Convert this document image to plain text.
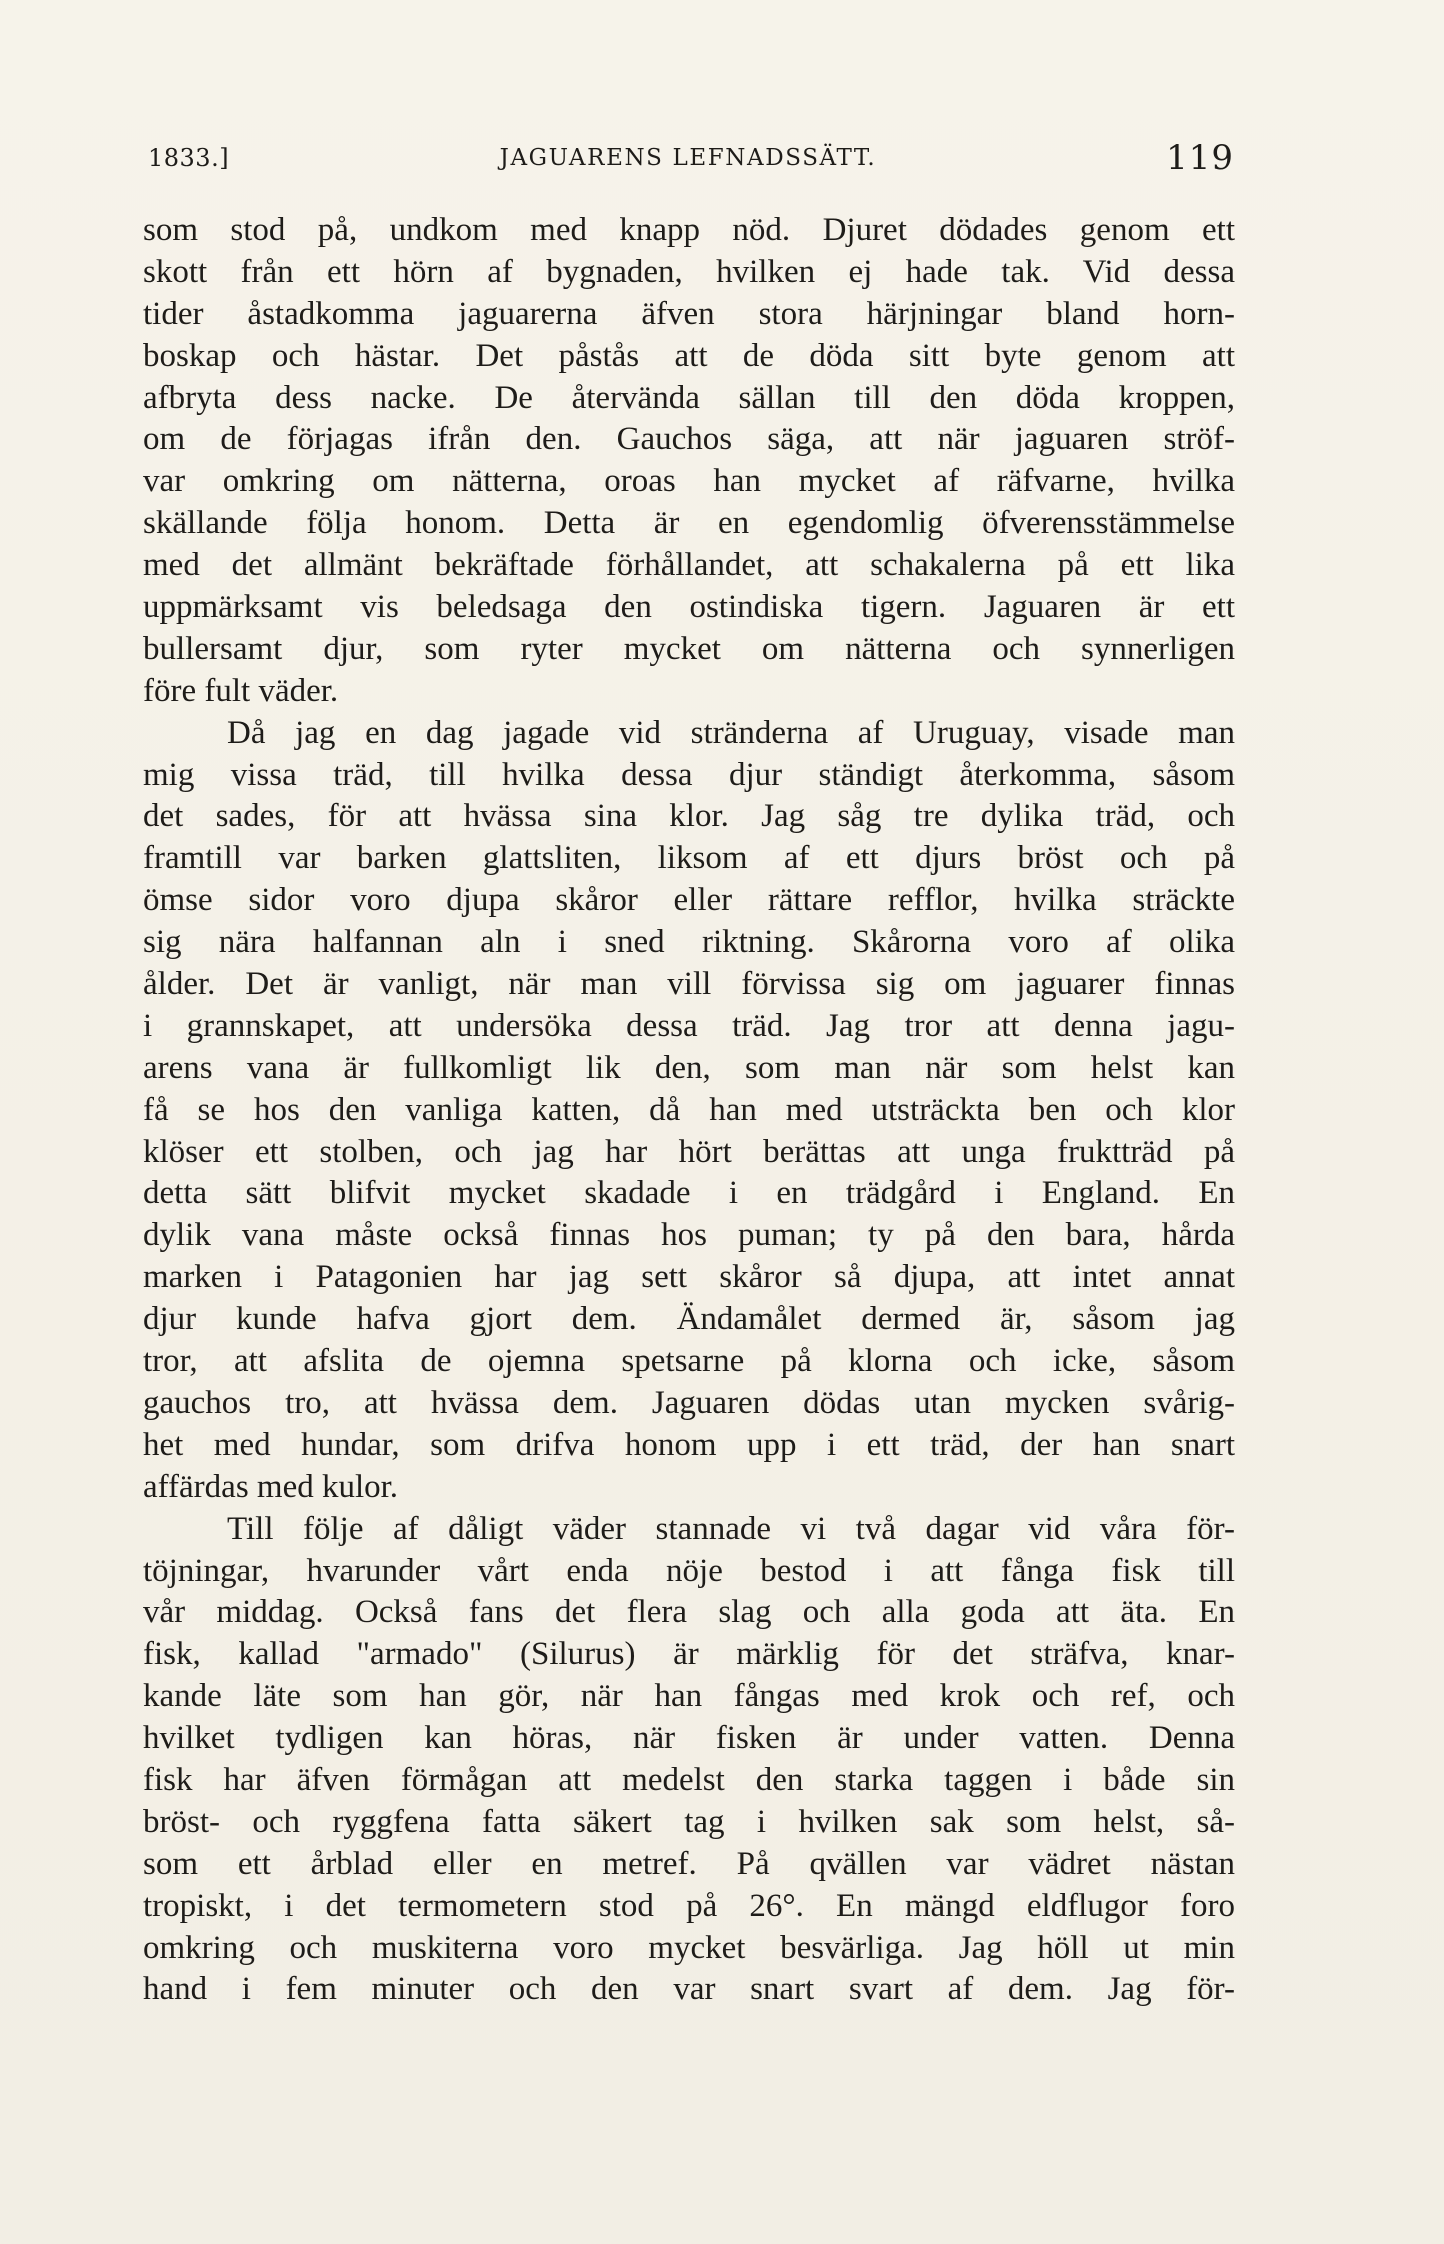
1833.]	JAGUARENS LEFNADSSÄTT.	119
som stod på, undkom med knapp nöd. Djuret dödades genom ett
skott från ett hörn af bygnaden, hvilken ej hade tak. Vid dessa
tider åstadkomma jaguarerna äfven stora härjningar bland horn-
boskap och hästar. Det påstås att de döda sitt byte genom att
afbryta dess nacke. De återvända sällan till den döda kroppen,
om de förjagas ifrån den. Gauchos säga, att när jaguaren ströf-
var omkring om nätterna, oroas han mycket af räfvarne, hvilka
skällande följa honom. Detta är en egendomlig öfverensstämmelse
med det allmänt bekräftade förhållandet, att schakalerna på ett lika
uppmärksamt vis beledsaga den ostindiska tigern. Jaguaren är ett
bullersamt djur, som ryter mycket om nätterna och synnerligen
före fult väder.
Då jag en dag jagade vid stränderna af Uruguay, visade man
mig vissa träd, till hvilka dessa djur ständigt återkomma, såsom
det sades, för att hvässa sina klor. Jag såg tre dylika träd, och
framtill var barken glattsliten, liksom af ett djurs bröst och på
ömse sidor voro djupa skåror eller rättare refflor, hvilka sträckte
sig nära halfannan aln i sned riktning. Skårorna voro af olika
ålder. Det är vanligt, när man vill förvissa sig om jaguarer finnas
i grannskapet, att undersöka dessa träd. Jag tror att denna jagu-
arens vana är fullkomligt lik den, som man när som helst kan
få se hos den vanliga katten, då han med utsträckta ben och klor
klöser ett stolben, och jag har hört berättas att unga fruktträd på
detta sätt blifvit mycket skadade i en trädgård i England. En
dylik vana måste också finnas hos puman; ty på den bara, hårda
marken i Patagonien har jag sett skåror så djupa, att intet annat
djur kunde hafva gjort dem. Ändamålet dermed är, såsom jag
tror, att afslita de ojemna spetsarne på klorna och icke, såsom
gauchos tro, att hvässa dem. Jaguaren dödas utan mycken svårig-
het med hundar, som drifva honom upp i ett träd, der han snart
affärdas med kulor.
Till följe af dåligt väder stannade vi två dagar vid våra för-
töjningar, hvarunder vårt enda nöje bestod i att fånga fisk till
vår middag. Också fans det flera slag och alla goda att äta. En
fisk, kallad "armado" (Silurus) är märklig för det sträfva, knar-
kande läte som han gör, när han fångas med krok och ref, och
hvilket tydligen kan höras, när fisken är under vatten. Denna
fisk har äfven förmågan att medelst den starka taggen i både sin
bröst- och ryggfena fatta säkert tag i hvilken sak som helst, så-
som ett årblad eller en metref. På qvällen var vädret nästan
tropiskt, i det termometern stod på 26°. En mängd eldflugor foro
omkring och muskiterna voro mycket besvärliga. Jag höll ut min
hand i fem minuter och den var snart svart af dem. Jag för-
